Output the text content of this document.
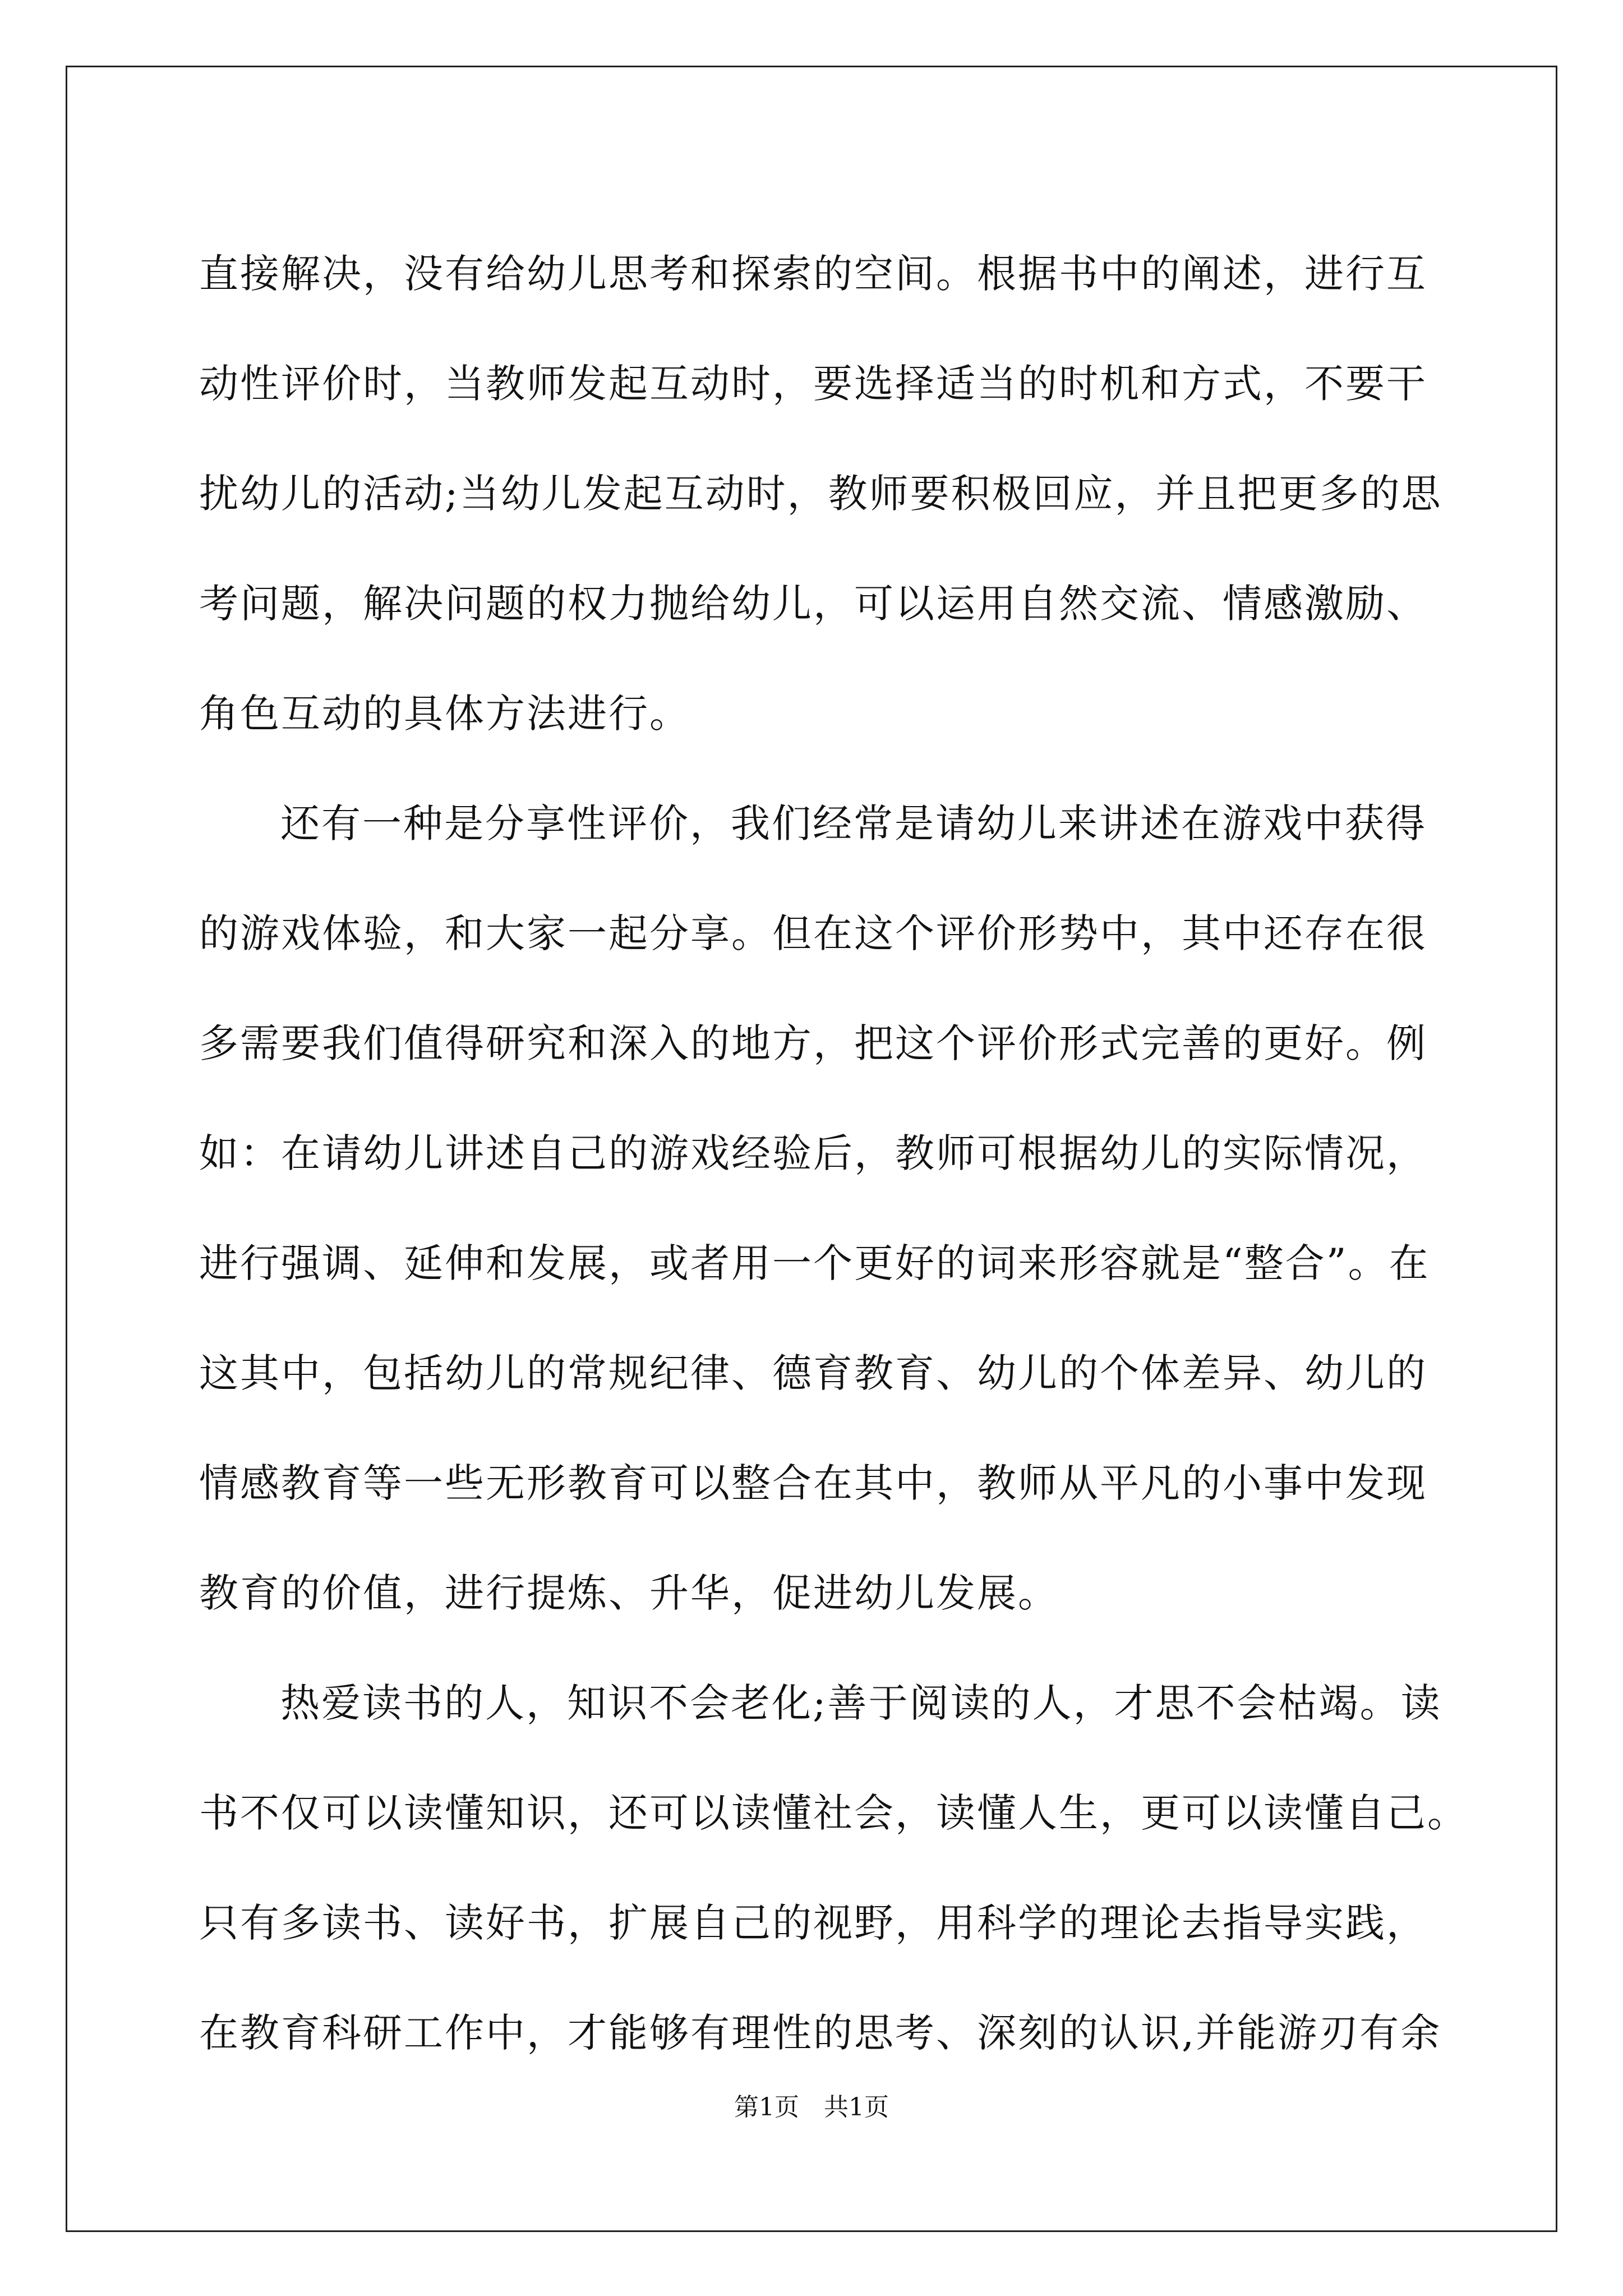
直接解决，没有给幼儿思考和探索的空间。根据书中的阐述，进行互

动性评价时，当教师发起互动时，要选择适当的时机和方式，不要干

扰幼儿的活动;当幼儿发起互动时，教师要积极回应，并且把更多的思

考问题，解决问题的权力抛给幼儿，可以运用自然交流、情感激励、

角色互动的具体方法进行。

还有一种是分享性评价，我们经常是请幼儿来讲述在游戏中获得

的游戏体验，和大家一起分享。但在这个评价形势中，其中还存在很

多需要我们值得研究和深入的地方，把这个评价形式完善的更好。例

如：在请幼儿讲述自己的游戏经验后，教师可根据幼儿的实际情况，

进行强调、延伸和发展，或者用一个更好的词来形容就是“整合”。在

这其中，包括幼儿的常规纪律、德育教育、幼儿的个体差异、幼儿的

情感教育等一些无形教育可以整合在其中，教师从平凡的小事中发现

教育的价值，进行提炼、升华，促进幼儿发展。

热爱读书的人，知识不会老化;善于阅读的人，才思不会枯竭。读

书不仅可以读懂知识，还可以读懂社会，读懂人生，更可以读懂自己。

只有多读书、读好书，扩展自己的视野，用科学的理论去指导实践，

在教育科研工作中，才能够有理性的思考、深刻的认识,并能游刃有余

第1页　共1页
